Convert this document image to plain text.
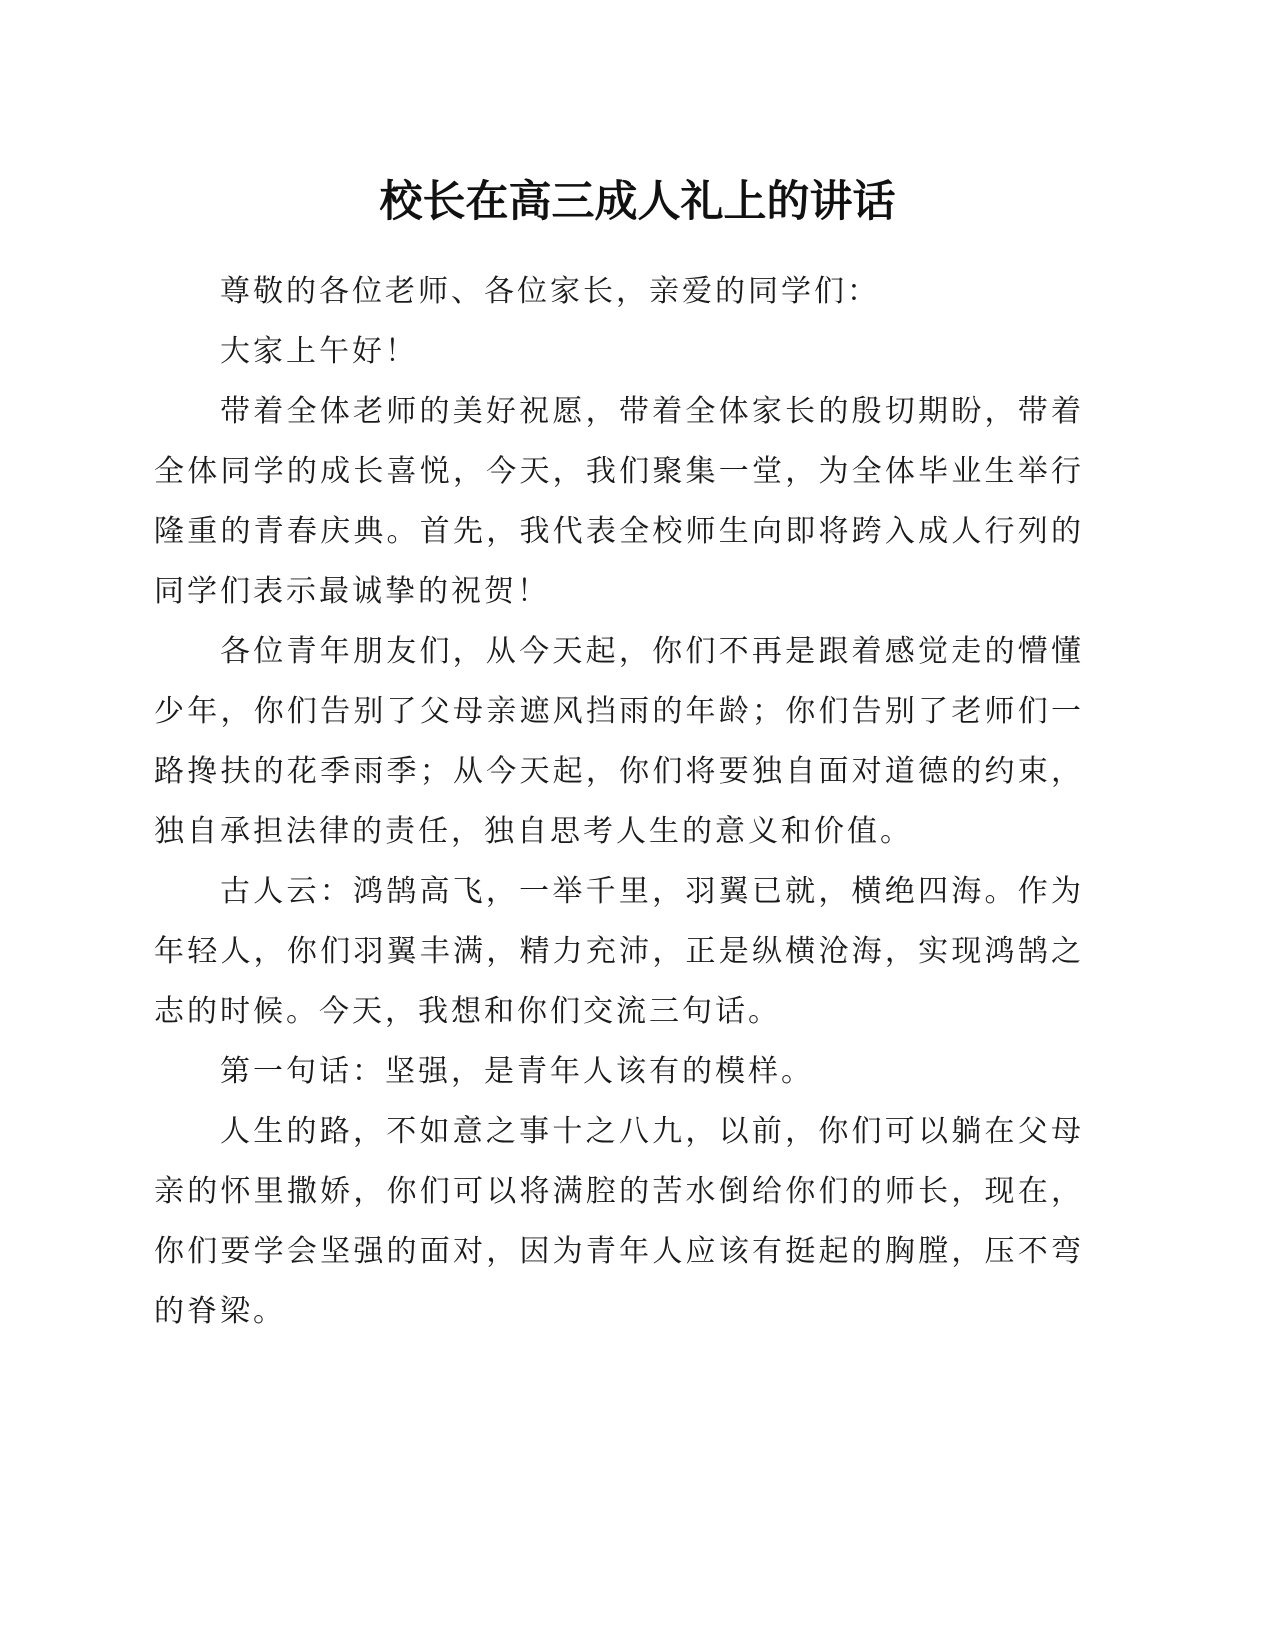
校长在高三成人礼上的讲话

尊敬的各位老师、各位家长，亲爱的同学们：

大家上午好！

带着全体老师的美好祝愿，带着全体家长的殷切期盼，带着全体同学的成长喜悦，今天，我们聚集一堂，为全体毕业生举行隆重的青春庆典。首先，我代表全校师生向即将跨入成人行列的同学们表示最诚挚的祝贺！

各位青年朋友们，从今天起，你们不再是跟着感觉走的懵懂少年，你们告别了父母亲遮风挡雨的年龄；你们告别了老师们一路搀扶的花季雨季；从今天起，你们将要独自面对道德的约束，独自承担法律的责任，独自思考人生的意义和价值。

古人云：鸿鹄高飞，一举千里，羽翼已就，横绝四海。作为年轻人，你们羽翼丰满，精力充沛，正是纵横沧海，实现鸿鹄之志的时候。今天，我想和你们交流三句话。

第一句话：坚强，是青年人该有的模样。

人生的路，不如意之事十之八九，以前，你们可以躺在父母亲的怀里撒娇，你们可以将满腔的苦水倒给你们的师长，现在，你们要学会坚强的面对，因为青年人应该有挺起的胸膛，压不弯的脊梁。
